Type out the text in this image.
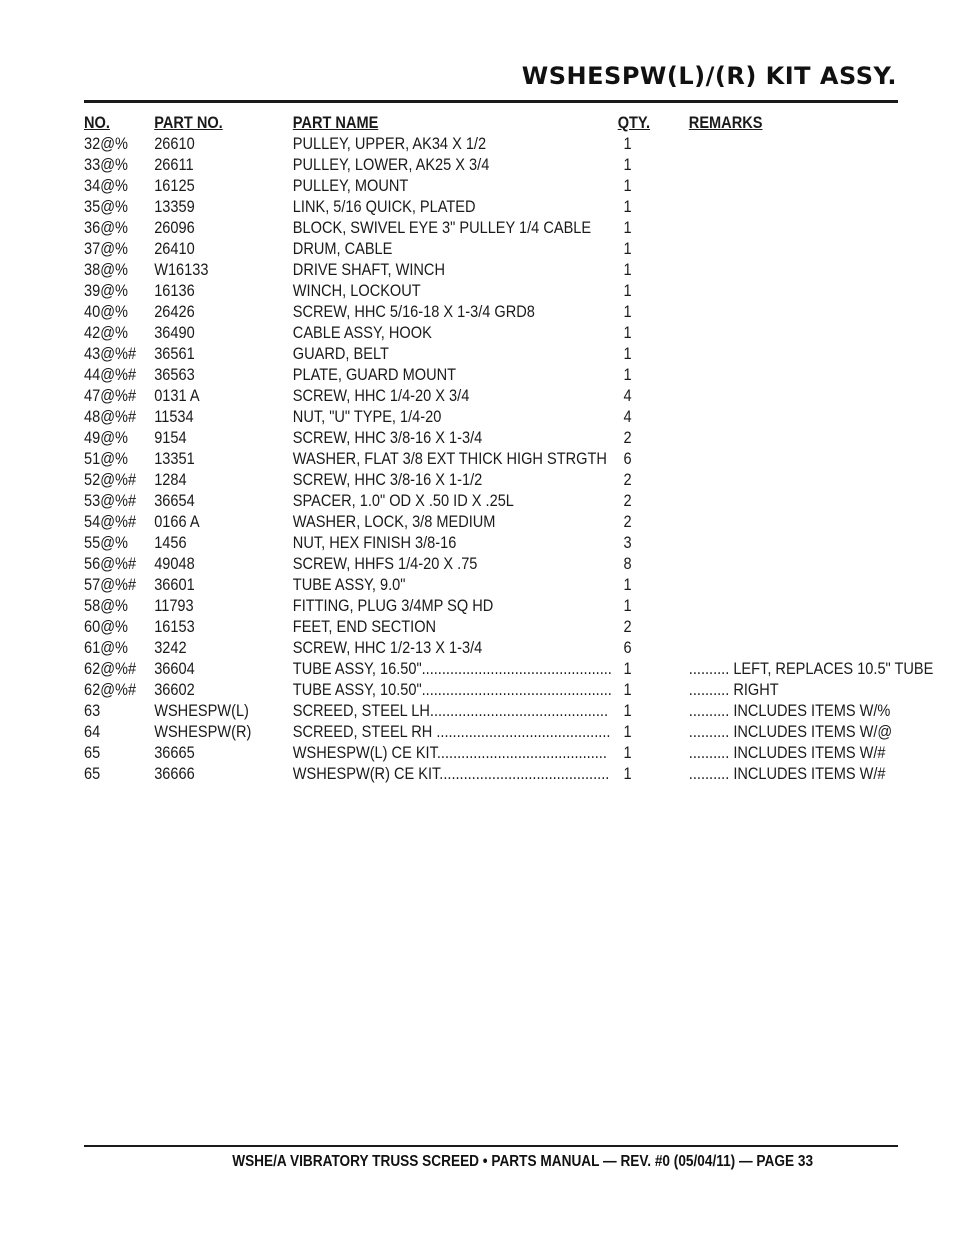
WSHESPW(L)/(R) KIT ASSY.
NO.	PART NO.	PART NAME	QTY. REMARKS
32@% 26610	PULLEY, UPPER, AK34 X 1/2	1
33@% 26611	PULLEY, LOWER, AK25 X 3/4	1
34@% 16125	PULLEY, MOUNT	1
35@% 13359	LINK, 5/16 QUICK, PLATED	1
36@% 26096	BLOCK, SWIVEL EYE 3" PULLEY 1/4 CABLE	1
37@% 26410	DRUM, CABLE	1
38@% W16133	DRIVE SHAFT, WINCH	1
39@% 16136	WINCH, LOCKOUT	1
40@% 26426	SCREW, HHC 5/16-18 X 1-3/4 GRD8	1
42@% 36490	CABLE ASSY, HOOK	1
43@%# 36561	GUARD, BELT	1
44@%# 36563	PLATE, GUARD MOUNT	1
47@%# 0131 A	SCREW, HHC 1/4-20 X 3/4	4
48@%# 11534	NUT, "U" TYPE, 1/4-20	4
49@% 9154	SCREW, HHC 3/8-16 X 1-3/4	2
51@% 13351	WASHER, FLAT 3/8 EXT THICK HIGH STRGTH	6
52@%# 1284	SCREW, HHC 3/8-16 X 1-1/2	2
53@%# 36654	SPACER, 1.0" OD X .50 ID X .25L	2
54@%# 0166 A	WASHER, LOCK, 3/8 MEDIUM	2
55@% 1456	NUT, HEX FINISH 3/8-16	3
56@%# 49048	SCREW, HHFS 1/4-20 X .75	8
57@%# 36601	TUBE ASSY, 9.0"	1
58@% 11793	FITTING, PLUG 3/4MP SQ HD	1
60@% 16153	FEET, END SECTION	2
61@% 3242	SCREW, HHC 1/2-13 X 1-3/4	6
62@%# 36604	TUBE ASSY, 16.50"............................................... 1	.......... LEFT, REPLACES 10.5" TUBE
62@%# 36602	TUBE ASSY, 10.50"............................................... 1	.......... RIGHT
63	WSHESPW(L)	SCREED, STEEL LH............................................ 1	.......... INCLUDES ITEMS W/%
64	WSHESPW(R)	SCREED, STEEL RH ........................................... 1	.......... INCLUDES ITEMS W/@
65	36665	WSHESPW(L) CE KIT..........................................	1	.......... INCLUDES ITEMS W/#
65	36666	WSHESPW(R) CE KIT.......................................... 1	.......... INCLUDES ITEMS W/#
WSHE/A VIBRATORY TRUSS SCREED • PARTS MANUAL — REV. #0 (05/04/11) — PAGE 33
